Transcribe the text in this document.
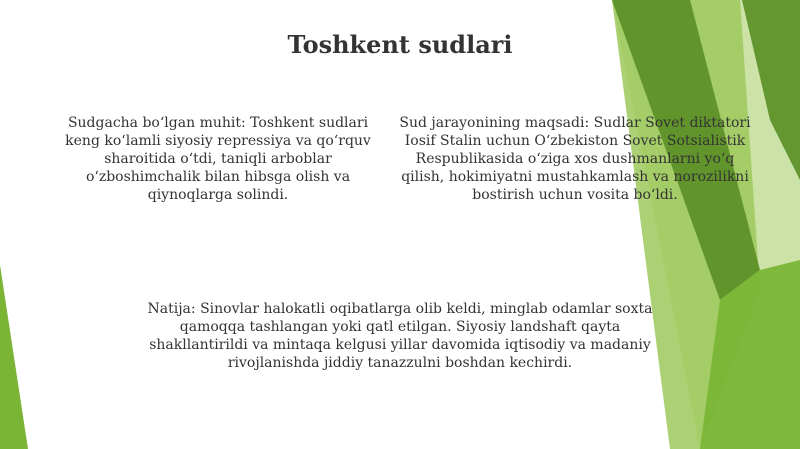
Toshkent sudlari
Sudgacha bo‘lgan muhit: Toshkent sudlari keng ko‘lamli siyosiy repressiya va qo‘rquv sharoitida o‘tdi, taniqli arboblar o‘zboshimchalik bilan hibsga olish va qiynoqlarga solindi.
Sud jarayonining maqsadi: Sudlar Sovet diktatori Iosif Stalin uchun O‘zbekiston Sovet Sotsialistik Respublikasida o‘ziga xos dushmanlarni yo‘q qilish, hokimiyatni mustahkamlash va norozilikni bostirish uchun vosita bo‘ldi.
Natija: Sinovlar halokatli oqibatlarga olib keldi, minglab odamlar soxta qamoqqa tashlangan yoki qatl etilgan. Siyosiy landshaft qayta shakllantirildi va mintaqa kelgusi yillar davomida iqtisodiy va madaniy rivojlanishda jiddiy tanazzulni boshdan kechirdi.
